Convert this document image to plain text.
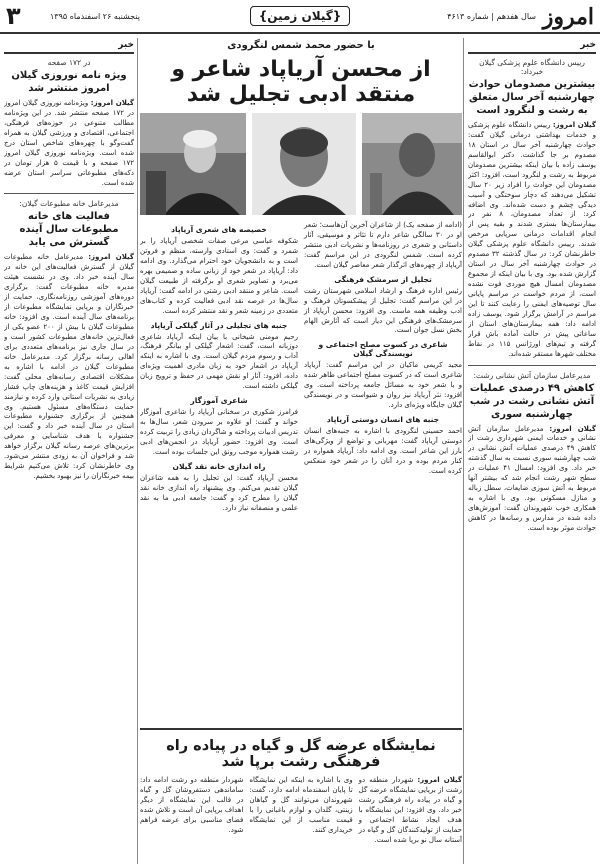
امروز
سال هفدهم | شماره ۴۶۱۳
{گیلان زمین}
پنجشنبه ۲۶ اسفندماه ۱۳۹۵
۳
خبر
رییس دانشگاه علوم پزشکی گیلان خبرداد:
بیشترین مصدومان حوادث چهارشنبه آخر سال متعلق به رشت و لنگرود است

گیلان امروز: رییس دانشگاه علوم پزشکی و خدمات بهداشتی درمانی گیلان گفت: حوادث چهارشنبه آخر سال در استان ۱۸ مصدوم بر جا گذاشت. دکتر ابوالقاسم یوسف زاده با بیان اینکه بیشترین مصدومان مربوط به رشت و لنگرود است، افزود: اکثر مصدومان این حوادث را افراد زیر ۲۰ سال تشکیل می‌دهند که دچار سوختگی و آسیب دیدگی چشم و دست شده‌اند. وی اضافه کرد: از تعداد مصدومان، ۸ نفر در بیمارستان‌ها بستری شدند و بقیه پس از انجام اقدامات درمانی سرپایی مرخص شدند. رییس دانشگاه علوم پزشکی گیلان خاطرنشان کرد: در سال گذشته ۳۲ مصدوم در حوادث چهارشنبه آخر سال در استان گزارش شده بود. وی با بیان اینکه از مجموع مصدومان امسال هیچ موردی فوت نشده است، از مردم خواست در مراسم پایانی سال توصیه‌های ایمنی را رعایت کنند تا این مراسم در آرامش برگزار شود. یوسف زاده ادامه داد: همه بیمارستان‌های استان از ساعاتی پیش در حالت آماده باش قرار گرفته و تیم‌های اورژانس ۱۱۵ در نقاط مختلف شهرها مستقر شده‌اند.

مدیرعامل سازمان آتش نشانی رشت:
کاهش ۴۹ درصدی عملیات آتش نشانی رشت در شب چهارشنبه سوری

گیلان امروز: مدیرعامل سازمان آتش نشانی و خدمات ایمنی شهرداری رشت از کاهش ۴۹ درصدی عملیات آتش نشانی در شب چهارشنبه سوری نسبت به سال گذشته خبر داد. وی افزود: امسال ۴۱ عملیات در سطح شهر رشت انجام شد که بیشتر آنها مربوط به آتش سوزی ضایعات، سطل زباله و منازل مسکونی بود. وی با اشاره به همکاری خوب شهروندان گفت: آموزش‌های داده شده در مدارس و رسانه‌ها در کاهش حوادث موثر بوده است.

با حضور محمد شمس لنگرودی
از محسن آریاپاد شاعر و منتقد ادبی تجلیل شد

(ادامه از صفحه یک) از شاعران آخرین آن‌هاست؛ شعر او در ۳۰ سالگی شاعر دارم تا تئاتر و موسیقی، آثار داستانی و شعری در روزنامه‌ها و نشریات ادبی منتشر کرده است. شمس لنگرودی در این مراسم گفت: آریاپاد از چهره‌های اثرگذار شعر معاصر گیلان است.

تجلیل از سرمشک فرهنگی

رئیس اداره فرهنگ و ارشاد اسلامی شهرستان رشت در این مراسم گفت: تجلیل از پیشکسوتان فرهنگ و ادب وظیفه همه ماست. وی افزود: محسن آریاپاد از سرمشک‌های فرهنگی این دیار است که آثارش الهام بخش نسل جوان است.

شاعری در کسوت مصلح اجتماعی و نویسندگی گیلان

مجید کریمی ماکیان در این مراسم گفت: آریاپاد شاعری است که در کسوت مصلح اجتماعی ظاهر شده و با شعر خود به مسائل جامعه پرداخته است. وی افزود: نثر آریاپاد نیز روان و شیواست و در نویسندگی گیلان جایگاه ویژه‌ای دارد.

جنبه های انسان دوستی آریاپاد

احمد حسینی لنگرودی با اشاره به جنبه‌های انسان دوستی آریاپاد گفت: مهربانی و تواضع از ویژگی‌های بارز این شاعر است. وی ادامه داد: آریاپاد همواره در کنار مردم بوده و درد آنان را در شعر خود منعکس کرده است.

خصیصه های شعری آریاپاد

شکوفه عباسی مرعی صفات شخصی آریاپاد را بر شمرد و گفت: وی استادی وارسته، منظم و فروتن است و به دانشجویان خود احترام می‌گذارد. وی ادامه داد: آریاپاد در شعر خود از زبانی ساده و صمیمی بهره می‌برد و تصاویر شعری او برگرفته از طبیعت گیلان است. شاعر و منتقد ادبی رشتی در ادامه گفت: آریاپاد سال‌ها در عرصه نقد ادبی فعالیت کرده و کتاب‌های متعددی در زمینه شعر و نقد منتشر کرده است.

جنبه های تجلیلی در آثار گیلکی آریاپاد

رحیم مومنی شیخانی با بیان اینکه آریاپاد شاعری دوزبانه است، گفت: اشعار گیلکی او بیانگر فرهنگ، آداب و رسوم مردم گیلان است. وی با اشاره به اینکه آریاپاد در اشعار خود به زبان مادری اهمیت ویژه‌ای داده، افزود: آثار او نقش مهمی در حفظ و ترویج زبان گیلکی داشته است.

شاعری آموزگار

فرامرز شکوری در سخنانی آریاپاد را شاعری آموزگار خواند و گفت: او علاوه بر سرودن شعر، سال‌ها به تدریس ادبیات پرداخته و شاگردان زیادی را تربیت کرده است. وی افزود: حضور آریاپاد در انجمن‌های ادبی رشت همواره موجب رونق این جلسات بوده است.

راه اندازی خانه نقد گیلان

محسن آریاپاد گفت: این تجلیل را به همه شاعران گیلان تقدیم می‌کنم. وی پیشنهاد راه اندازی خانه نقد گیلان را مطرح کرد و گفت: جامعه ادبی ما به نقد علمی و منصفانه نیاز دارد.

نمایشگاه عرضه گل و گیاه در پیاده راه فرهنگی رشت برپا شد

گیلان امروز: شهردار منطقه دو رشت از برپایی نمایشگاه عرضه گل و گیاه در پیاده راه فرهنگی رشت خبر داد. وی افزود: این نمایشگاه با هدف ایجاد نشاط اجتماعی و حمایت از تولیدکنندگان گل و گیاه در آستانه سال نو برپا شده است.

وی با اشاره به اینکه این نمایشگاه تا پایان اسفندماه ادامه دارد، گفت: شهروندان می‌توانند گل و گیاهان زینتی، گلدان و لوازم باغبانی را با قیمت مناسب از این نمایشگاه خریداری کنند.

شهردار منطقه دو رشت ادامه داد: ساماندهی دستفروشان گل و گیاه در قالب این نمایشگاه از دیگر اهداف برپایی آن است و تلاش شده فضای مناسبی برای عرضه فراهم شود.

خبر
در ۱۷۲ صفحه
ویژه نامه نوروزی گیلان امروز منتشر شد

گیلان امروز: ویژه‌نامه نوروزی گیلان امروز در ۱۷۲ صفحه منتشر شد. در این ویژه‌نامه مطالب متنوعی در حوزه‌های فرهنگی، اجتماعی، اقتصادی و ورزشی گیلان به همراه گفت‌وگو با چهره‌های شاخص استان درج شده است. ویژه‌نامه نوروزی گیلان امروز ۱۷۲ صفحه و با قیمت ۵ هزار تومان در دکه‌های مطبوعاتی سراسر استان عرضه شده است.

مدیرعامل خانه مطبوعات گیلان:
فعالیت های خانه مطبوعات سال آینده گسترش می یابد

گیلان امروز: مدیرعامل خانه مطبوعات گیلان از گسترش فعالیت‌های این خانه در سال آینده خبر داد. وی در نشست هیئت مدیره خانه مطبوعات گفت: برگزاری دوره‌های آموزشی روزنامه‌نگاری، حمایت از خبرنگاران و برپایی نمایشگاه مطبوعات از برنامه‌های سال آینده است. وی افزود: خانه مطبوعات گیلان با بیش از ۲۰۰ عضو یکی از فعال‌ترین خانه‌های مطبوعات کشور است و در سال جاری نیز برنامه‌های متعددی برای اهالی رسانه برگزار کرد. مدیرعامل خانه مطبوعات گیلان در ادامه با اشاره به مشکلات اقتصادی رسانه‌های محلی گفت: افزایش قیمت کاغذ و هزینه‌های چاپ فشار زیادی به نشریات استانی وارد کرده و نیازمند حمایت دستگاه‌های مسئول هستیم. وی همچنین از برگزاری جشنواره مطبوعات استان در سال آینده خبر داد و گفت: این جشنواره با هدف شناسایی و معرفی برترین‌های عرصه رسانه گیلان برگزار خواهد شد و فراخوان آن به زودی منتشر می‌شود. وی خاطرنشان کرد: تلاش می‌کنیم شرایط بیمه خبرنگاران را نیز بهبود بخشیم.
